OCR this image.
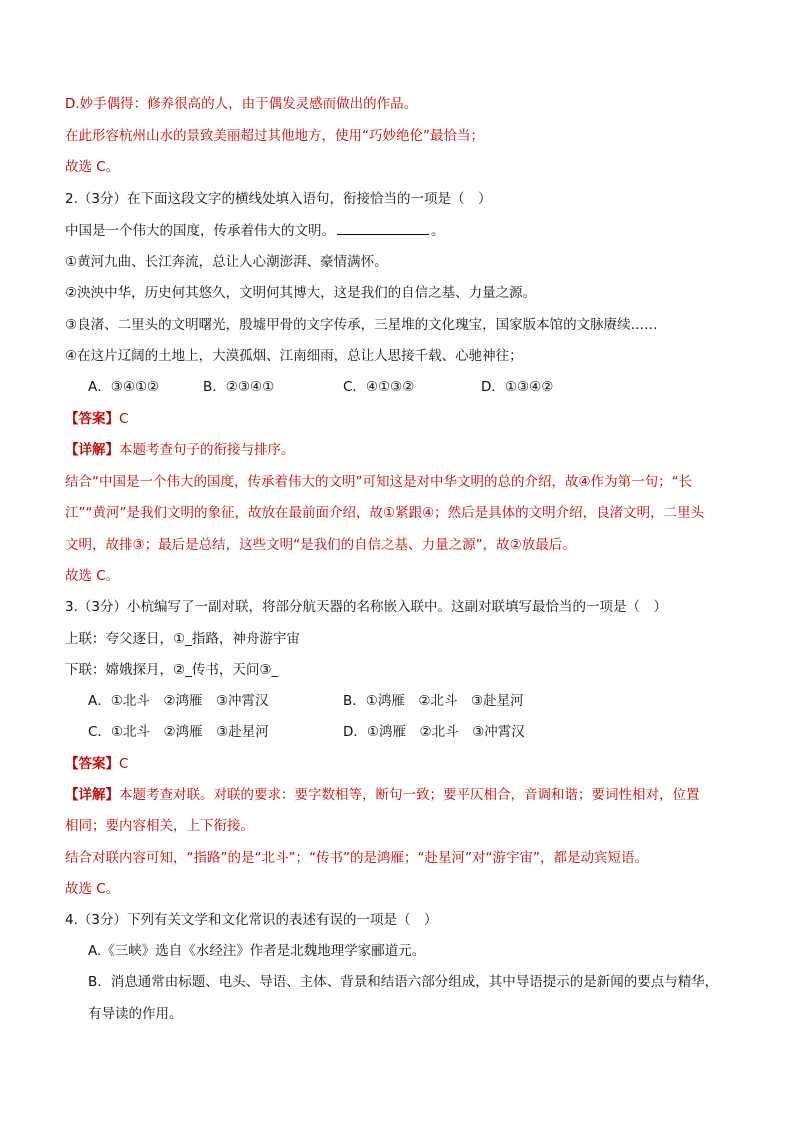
D.妙手偶得：修养很高的人，由于偶发灵感而做出的作品。
在此形容杭州山水的景致美丽超过其他地方，使用“巧妙绝伦”最恰当；
故选 C。
2.（3分）在下面这段文字的横线处填入语句，衔接恰当的一项是（　）
中国是一个伟大的国度，传承着伟大的文明。	。
①黄河九曲、长江奔流，总让人心潮澎湃、豪情满怀。
②泱泱中华，历史何其悠久，文明何其博大，这是我们的自信之基、力量之源。
③良渚、二里头的文明曙光，殷墟甲骨的文字传承，三星堆的文化瑰宝，国家版本馆的文脉赓续……
④在这片辽阔的土地上，大漠孤烟、江南细雨，总让人思接千载、心驰神往；
A．③④①②	B．②③④①	C．④①③②	D．①③④②
【答案】C
【详解】本题考查句子的衔接与排序。
结合“中国是一个伟大的国度，传承着伟大的文明”可知这是对中华文明的总的介绍，故④作为第一句；“长
江”“黄河”是我们文明的象征，故放在最前面介绍，故①紧跟④；然后是具体的文明介绍，良渚文明，二里头
文明，故排③；最后是总结，这些文明“是我们的自信之基、力量之源”，故②放最后。
故选 C。
3.（3分）小杭编写了一副对联，将部分航天器的名称嵌入联中。这副对联填写最恰当的一项是（　）
上联：夸父逐日，①_指路，神舟游宇宙
下联：嫦娥探月，②_传书，天问③_
A．①北斗　②鸿雁　③冲霄汉	B．①鸿雁　②北斗　③赴星河
C．①北斗　②鸿雁　③赴星河	D．①鸿雁　②北斗　③冲霄汉
【答案】C
【详解】本题考查对联。对联的要求：要字数相等，断句一致；要平仄相合，音调和谐；要词性相对，位置
相同；要内容相关，上下衔接。
结合对联内容可知，“指路”的是“北斗”；“传书”的是鸿雁；“赴星河”对“游宇宙”，都是动宾短语。
故选 C。
4.（3分）下列有关文学和文化常识的表述有误的一项是（　）
A.《三峡》选自《水经注》作者是北魏地理学家郦道元。
B．消息通常由标题、电头、导语、主体、背景和结语六部分组成，其中导语提示的是新闻的要点与精华，
有导读的作用。
